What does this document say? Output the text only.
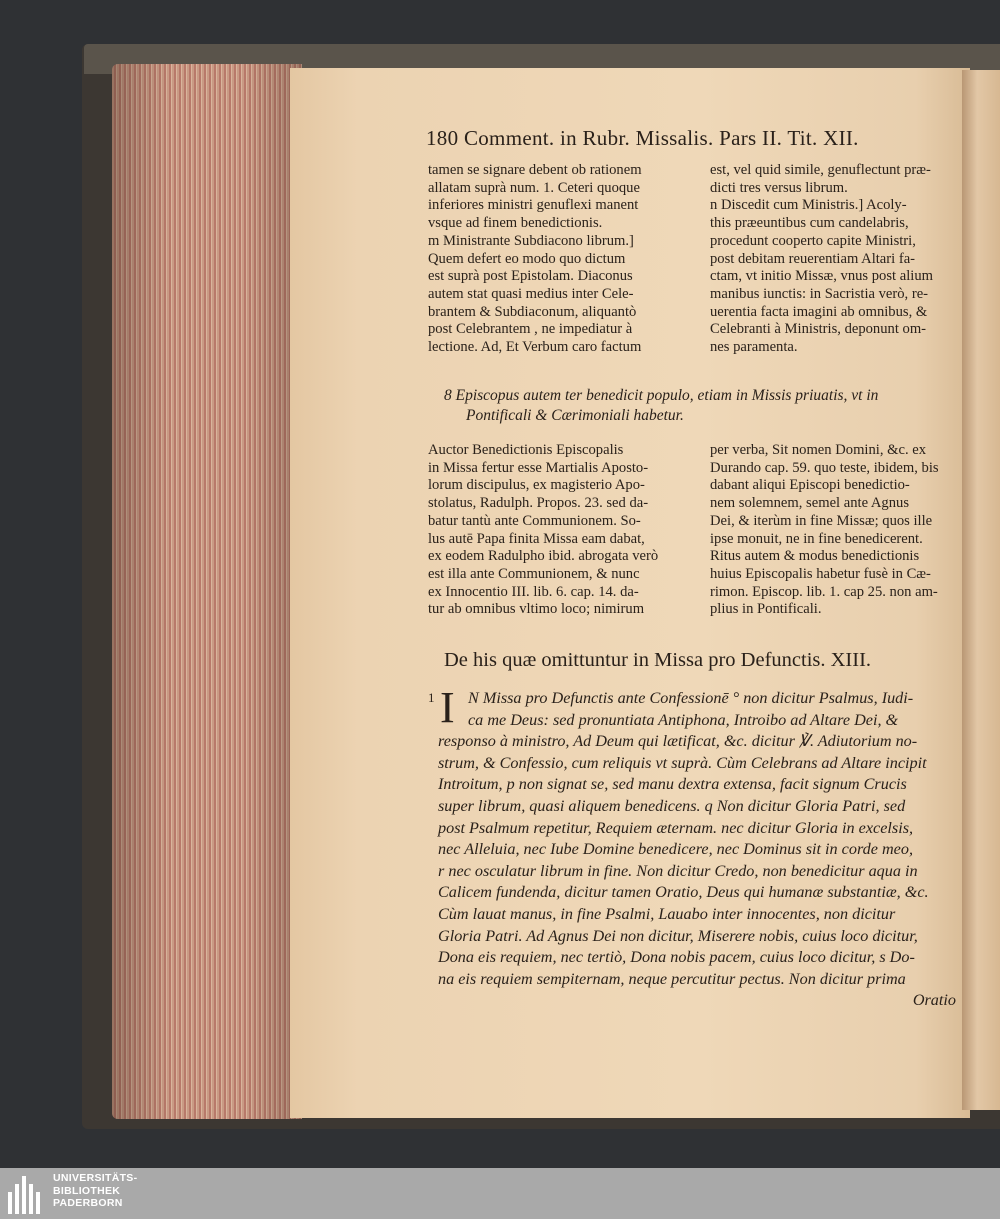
180 Comment. in Rubr. Missalis. Pars II. Tit. XII.

tamen se signare debent ob rationem

allatam suprà num. 1. Ceteri quoque

inferiores ministri genuflexi manent

vsque ad finem benedictionis.

m Ministrante Subdiacono librum.]

Quem defert eo modo quo dictum

est suprà post Epistolam. Diaconus

autem stat quasi medius inter Cele-

brantem & Subdiaconum, aliquantò

post Celebrantem , ne impediatur à

lectione. Ad, Et Verbum caro factum

est, vel quid simile, genuflectunt præ-

dicti tres versus librum.

n Discedit cum Ministris.] Acoly-

this præeuntibus cum candelabris,

procedunt cooperto capite Ministri,

post debitam reuerentiam Altari fa-

ctam, vt initio Missæ, vnus post alium

manibus iunctis: in Sacristia verò, re-

uerentia facta imagini ab omnibus, &

Celebranti à Ministris, deponunt om-

nes paramenta.

8 Episcopus autem ter benedicit populo, etiam in Missis priuatis, vt in

Pontificali & Cærimoniali habetur.

Auctor Benedictionis Episcopalis

in Missa fertur esse Martialis Aposto-

lorum discipulus, ex magisterio Apo-

stolatus, Radulph. Propos. 23. sed da-

batur tantù ante Communionem. So-

lus autē Papa finita Missa eam dabat,

ex eodem Radulpho ibid. abrogata verò

est illa ante Communionem, & nunc

ex Innocentio III. lib. 6. cap. 14. da-

tur ab omnibus vltimo loco; nimirum

per verba, Sit nomen Domini, &c. ex

Durando cap. 59. quo teste, ibidem, bis

dabant aliqui Episcopi benedictio-

nem solemnem, semel ante Agnus

Dei, & iterùm in fine Missæ; quos ille

ipse monuit, ne in fine benedicerent.

Ritus autem & modus benedictionis

huius Episcopalis habetur fusè in Cæ-

rimon. Episcop. lib. 1. cap 25. non am-

plius in Pontificali.

De his quæ omittuntur in Missa pro Defunctis. XIII.
1 I N Missa pro Defunctis ante Confessionē ° non dicitur Psalmus, Iudi-

ca me Deus: sed pronuntiata Antiphona, Introibo ad Altare Dei, &

responso à ministro, Ad Deum qui lætificat, &c. dicitur ℣. Adiutorium no-

strum, & Confessio, cum reliquis vt suprà. Cùm Celebrans ad Altare incipit

Introitum, p non signat se, sed manu dextra extensa, facit signum Crucis

super librum, quasi aliquem benedicens. q Non dicitur Gloria Patri, sed

post Psalmum repetitur, Requiem æternam. nec dicitur Gloria in excelsis,

nec Alleluia, nec Iube Domine benedicere, nec Dominus sit in corde meo,

r nec osculatur librum in fine. Non dicitur Credo, non benedicitur aqua in

Calicem fundenda, dicitur tamen Oratio, Deus qui humanæ substantiæ, &c.

Cùm lauat manus, in fine Psalmi, Lauabo inter innocentes, non dicitur

Gloria Patri. Ad Agnus Dei non dicitur, Miserere nobis, cuius loco dicitur,

Dona eis requiem, nec tertiò, Dona nobis pacem, cuius loco dicitur, s Do-

na eis requiem sempiternam, neque percutitur pectus. Non dicitur prima

Oratio

UNIVERSITÄTS-
BIBLIOTHEK
PADERBORN
